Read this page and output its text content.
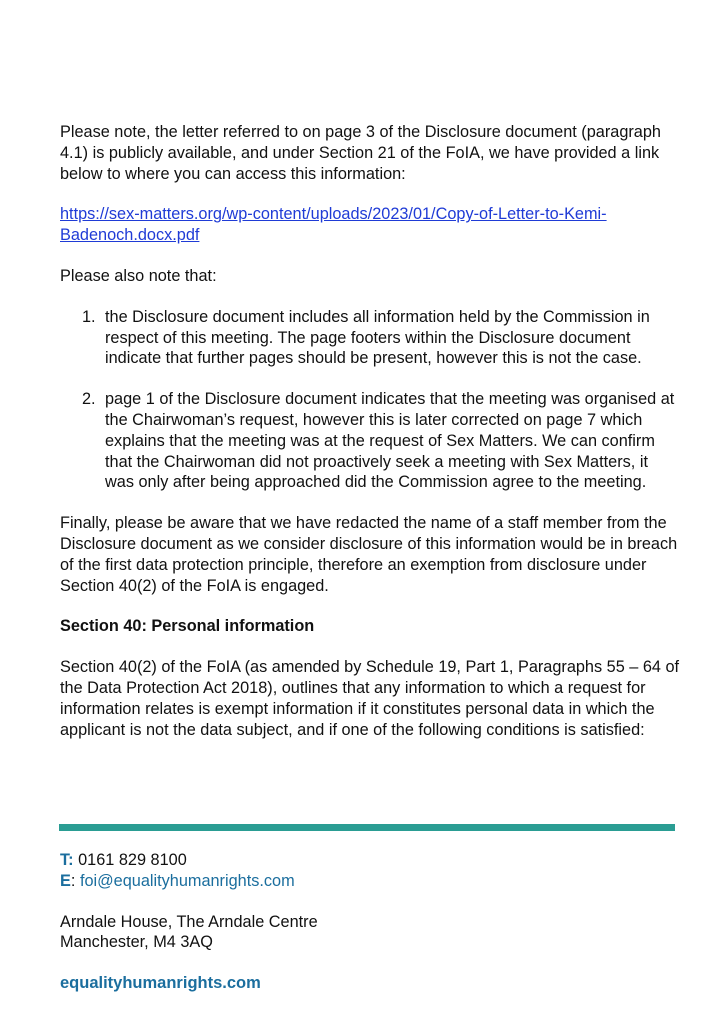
Please note, the letter referred to on page 3 of the Disclosure document (paragraph 4.1) is publicly available, and under Section 21 of the FoIA, we have provided a link below to where you can access this information:

https://sex-matters.org/wp-content/uploads/2023/01/Copy-of-Letter-to-Kemi-
Badenoch.docx.pdf

Please also note that:

1. the Disclosure document includes all information held by the Commission in respect of this meeting. The page footers within the Disclosure document indicate that further pages should be present, however this is not the case.
2. page 1 of the Disclosure document indicates that the meeting was organised at the Chairwoman’s request, however this is later corrected on page 7 which explains that the meeting was at the request of Sex Matters. We can confirm that the Chairwoman did not proactively seek a meeting with Sex Matters, it was only after being approached did the Commission agree to the meeting.

Finally, please be aware that we have redacted the name of a staff member from the Disclosure document as we consider disclosure of this information would be in breach of the first data protection principle, therefore an exemption from disclosure under Section 40(2) of the FoIA is engaged.

Section 40: Personal information

Section 40(2) of the FoIA (as amended by Schedule 19, Part 1, Paragraphs 55 – 64 of the Data Protection Act 2018), outlines that any information to which a request for information relates is exempt information if it constitutes personal data in which the applicant is not the data subject, and if one of the following conditions is satisfied:

T: 0161 829 8100
E: foi@equalityhumanrights.com
Arndale House, The Arndale Centre
Manchester, M4 3AQ
equalityhumanrights.com
